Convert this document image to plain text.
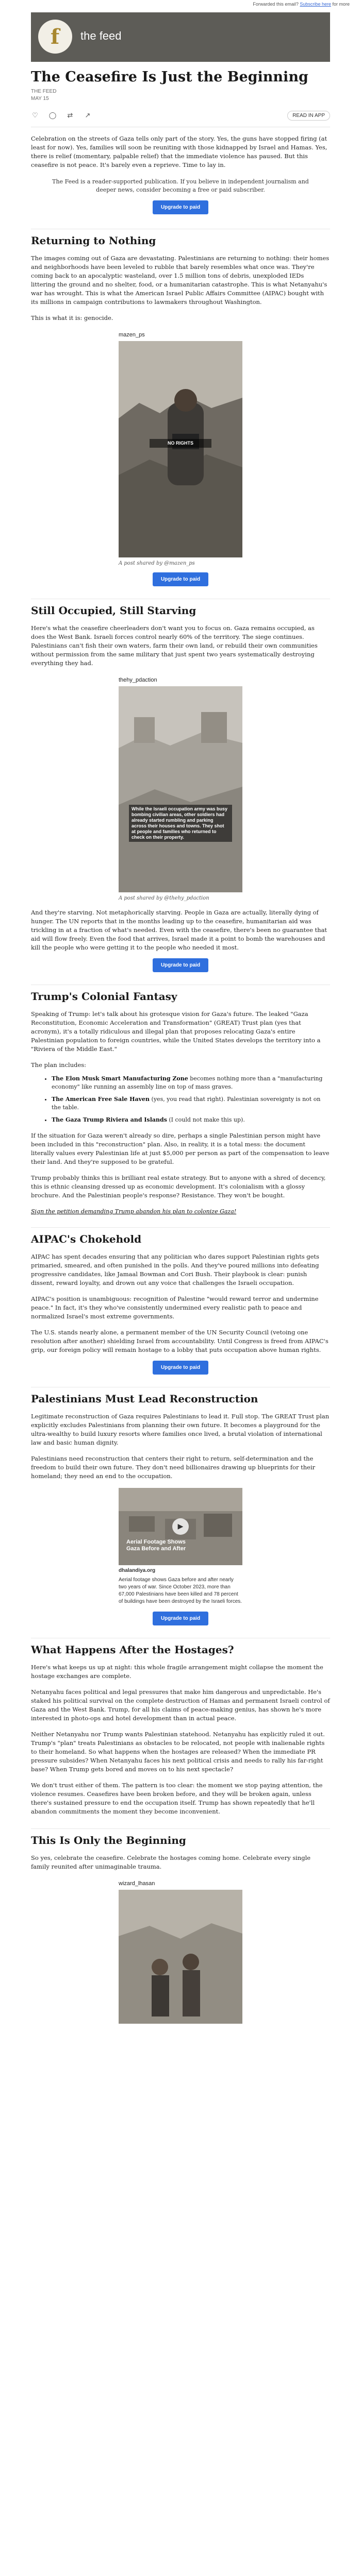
Forwarded this email? Subscribe here for more
f the feed
The Ceasefire Is Just the Beginning
THE FEED
MAY 15
♡ ◯ ⇄ ↗	READ IN APP

Celebration on the streets of Gaza tells only part of the story. Yes, the guns have stopped firing (at least for now). Yes, families will soon be reuniting with those kidnapped by Israel and Hamas. Yes, there is relief (momentary, palpable relief) that the immediate violence has paused. But this ceasefire is not peace. It's barely even a reprieve. Time to lay in.

The Feed is a reader-supported publication. If you believe in independent journalism and deeper news, consider becoming a free or paid subscriber.

Upgrade to paid
Returning to Nothing

The images coming out of Gaza are devastating. Palestinians are returning to nothing: their homes and neighborhoods have been leveled to rubble that barely resembles what once was. They're coming back to an apocalyptic wasteland, over 1.5 million tons of debris, unexploded IEDs littering the ground and no shelter, food, or a humanitarian catastrophe. This is what Netanyahu's war has wrought. This is what the American Israel Public Affairs Committee (AIPAC) bought with its millions in campaign contributions to lawmakers throughout Washington.

This is what it is: genocide.

mazen_ps
NO RIGHTS
A post shared by @mazen_ps
Upgrade to paid
Still Occupied, Still Starving

Here's what the ceasefire cheerleaders don't want you to focus on. Gaza remains occupied, as does the West Bank. Israeli forces control nearly 60% of the territory. The siege continues. Palestinians can't fish their own waters, farm their own land, or rebuild their own communities without permission from the same military that just spent two years systematically destroying everything they had.

thehy_pdaction
While the Israeli occupation army was busy bombing civilian areas, other soldiers had already started rumbling and parking across their houses and towns. They shot at people and families who returned to check on their property.
A post shared by @thehy_pdaction

And they're starving. Not metaphorically starving. People in Gaza are actually, literally dying of hunger. The UN reports that in the months leading up to the ceasefire, humanitarian aid was trickling in at a fraction of what's needed. Even with the ceasefire, there's been no guarantee that aid will flow freely. Even the food that arrives, Israel made it a point to bomb the warehouses and kill the people who were getting it to the people who needed it most.

Upgrade to paid
Trump's Colonial Fantasy

Speaking of Trump: let's talk about his grotesque vision for Gaza's future. The leaked "Gaza Reconstitution, Economic Acceleration and Transformation" (GREAT) Trust plan (yes that acronym), it's a totally ridiculous and illegal plan that proposes relocating Gaza's entire Palestinian population to foreign countries, while the United States develops the territory into a "Riviera of the Middle East."

The plan includes:

• The Elon Musk Smart Manufacturing Zone becomes nothing more than a "manufacturing economy" like running an assembly line on top of mass graves.
• The American Free Sale Haven (yes, you read that right). Palestinian sovereignty is not on the table.
• The Gaza Trump Riviera and Islands (I could not make this up).

If the situation for Gaza weren't already so dire, perhaps a single Palestinian person might have been included in this "reconstruction" plan. Also, in reality, it is a total mess: the document literally values every Palestinian life at just $5,000 per person as part of the compensation to leave their land. And they're supposed to be grateful.

Trump probably thinks this is brilliant real estate strategy. But to anyone with a shred of decency, this is ethnic cleansing dressed up as economic development. It's colonialism with a glossy brochure. And the Palestinian people's response? Resistance. They won't be bought.

Sign the petition demanding Trump abandon his plan to colonize Gaza!
AIPAC's Chokehold

AIPAC has spent decades ensuring that any politician who dares support Palestinian rights gets primaried, smeared, and often punished in the polls. And they've poured millions into defeating progressive candidates, like Jamaal Bowman and Cori Bush. Their playbook is clear: punish dissent, reward loyalty, and drown out any voice that challenges the Israeli occupation.

AIPAC's position is unambiguous: recognition of Palestine "would reward terror and undermine peace." In fact, it's they who've consistently undermined every realistic path to peace and normalized Israel's most extreme governments.

The U.S. stands nearly alone, a permanent member of the UN Security Council (vetoing one resolution after another) shielding Israel from accountability. Until Congress is freed from AIPAC's grip, our foreign policy will remain hostage to a lobby that puts occupation above human rights.

Upgrade to paid
Palestinians Must Lead Reconstruction

Legitimate reconstruction of Gaza requires Palestinians to lead it. Full stop. The GREAT Trust plan explicitly excludes Palestinians from planning their own future. It becomes a playground for the ultra-wealthy to build luxury resorts where families once lived, a brutal violation of international law and basic human dignity.

Palestinians need reconstruction that centers their right to return, self-determination and the freedom to build their own future. They don't need billionaires drawing up blueprints for their homeland; they need an end to the occupation.

Aerial Footage Shows Gaza Before and After
▶
dhalandiya.org
Aerial footage shows Gaza before and after nearly two years of war. Since October 2023, more than 67,000 Palestinians have been killed and 78 percent of buildings have been destroyed by the Israeli forces.
Upgrade to paid
What Happens After the Hostages?

Here's what keeps us up at night: this whole fragile arrangement might collapse the moment the hostage exchanges are complete.

Netanyahu faces political and legal pressures that make him dangerous and unpredictable. He's staked his political survival on the complete destruction of Hamas and permanent Israeli control of Gaza and the West Bank. Trump, for all his claims of peace-making genius, has shown he's more interested in photo-ops and hotel development than in actual peace.

Neither Netanyahu nor Trump wants Palestinian statehood. Netanyahu has explicitly ruled it out. Trump's "plan" treats Palestinians as obstacles to be relocated, not people with inalienable rights to their homeland. So what happens when the hostages are released? When the immediate PR pressure subsides? When Netanyahu faces his next political crisis and needs to rally his far-right base? When Trump gets bored and moves on to his next spectacle?

We don't trust either of them. The pattern is too clear: the moment we stop paying attention, the violence resumes. Ceasefires have been broken before, and they will be broken again, unless there's sustained pressure to end the occupation itself. Trump has shown repeatedly that he'll abandon commitments the moment they become inconvenient.

This Is Only the Beginning

So yes, celebrate the ceasefire. Celebrate the hostages coming home. Celebrate every single family reunited after unimaginable trauma.

wizard_lhasan
